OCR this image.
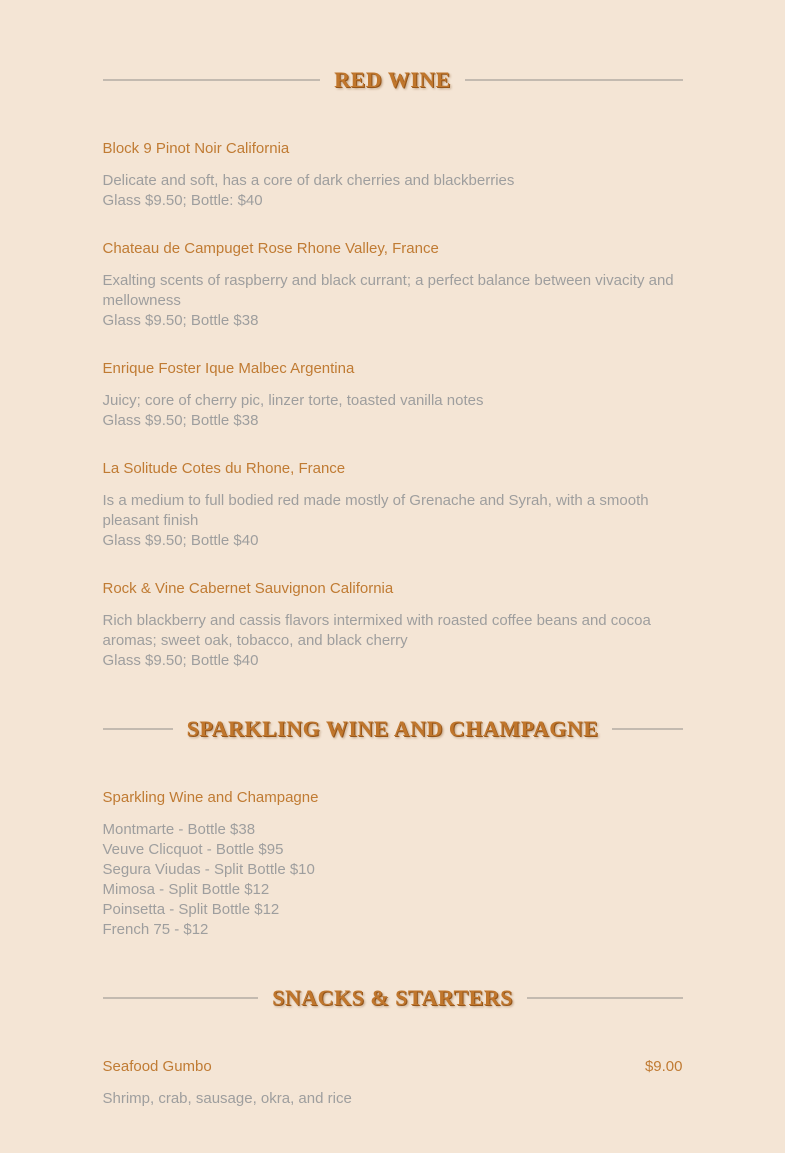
RED WINE
Block 9 Pinot Noir California
Delicate and soft, has a core of dark cherries and blackberries
Glass $9.50; Bottle: $40
Chateau de Campuget Rose Rhone Valley, France
Exalting scents of raspberry and black currant; a perfect balance between vivacity and mellowness
Glass $9.50; Bottle $38
Enrique Foster Ique Malbec Argentina
Juicy; core of cherry pic, linzer torte, toasted vanilla notes
Glass $9.50; Bottle $38
La Solitude Cotes du Rhone, France
Is a medium to full bodied red made mostly of Grenache and Syrah, with a smooth pleasant finish
Glass $9.50; Bottle $40
Rock & Vine Cabernet Sauvignon California
Rich blackberry and cassis flavors intermixed with roasted coffee beans and cocoa aromas; sweet oak, tobacco, and black cherry
Glass $9.50; Bottle $40
SPARKLING WINE AND CHAMPAGNE
Sparkling Wine and Champagne
Montmarte - Bottle $38
Veuve Clicquot - Bottle $95
Segura Viudas - Split Bottle $10
Mimosa - Split Bottle $12
Poinsetta - Split Bottle $12
French 75 - $12
SNACKS & STARTERS
Seafood Gumbo	$9.00
Shrimp, crab, sausage, okra, and rice
